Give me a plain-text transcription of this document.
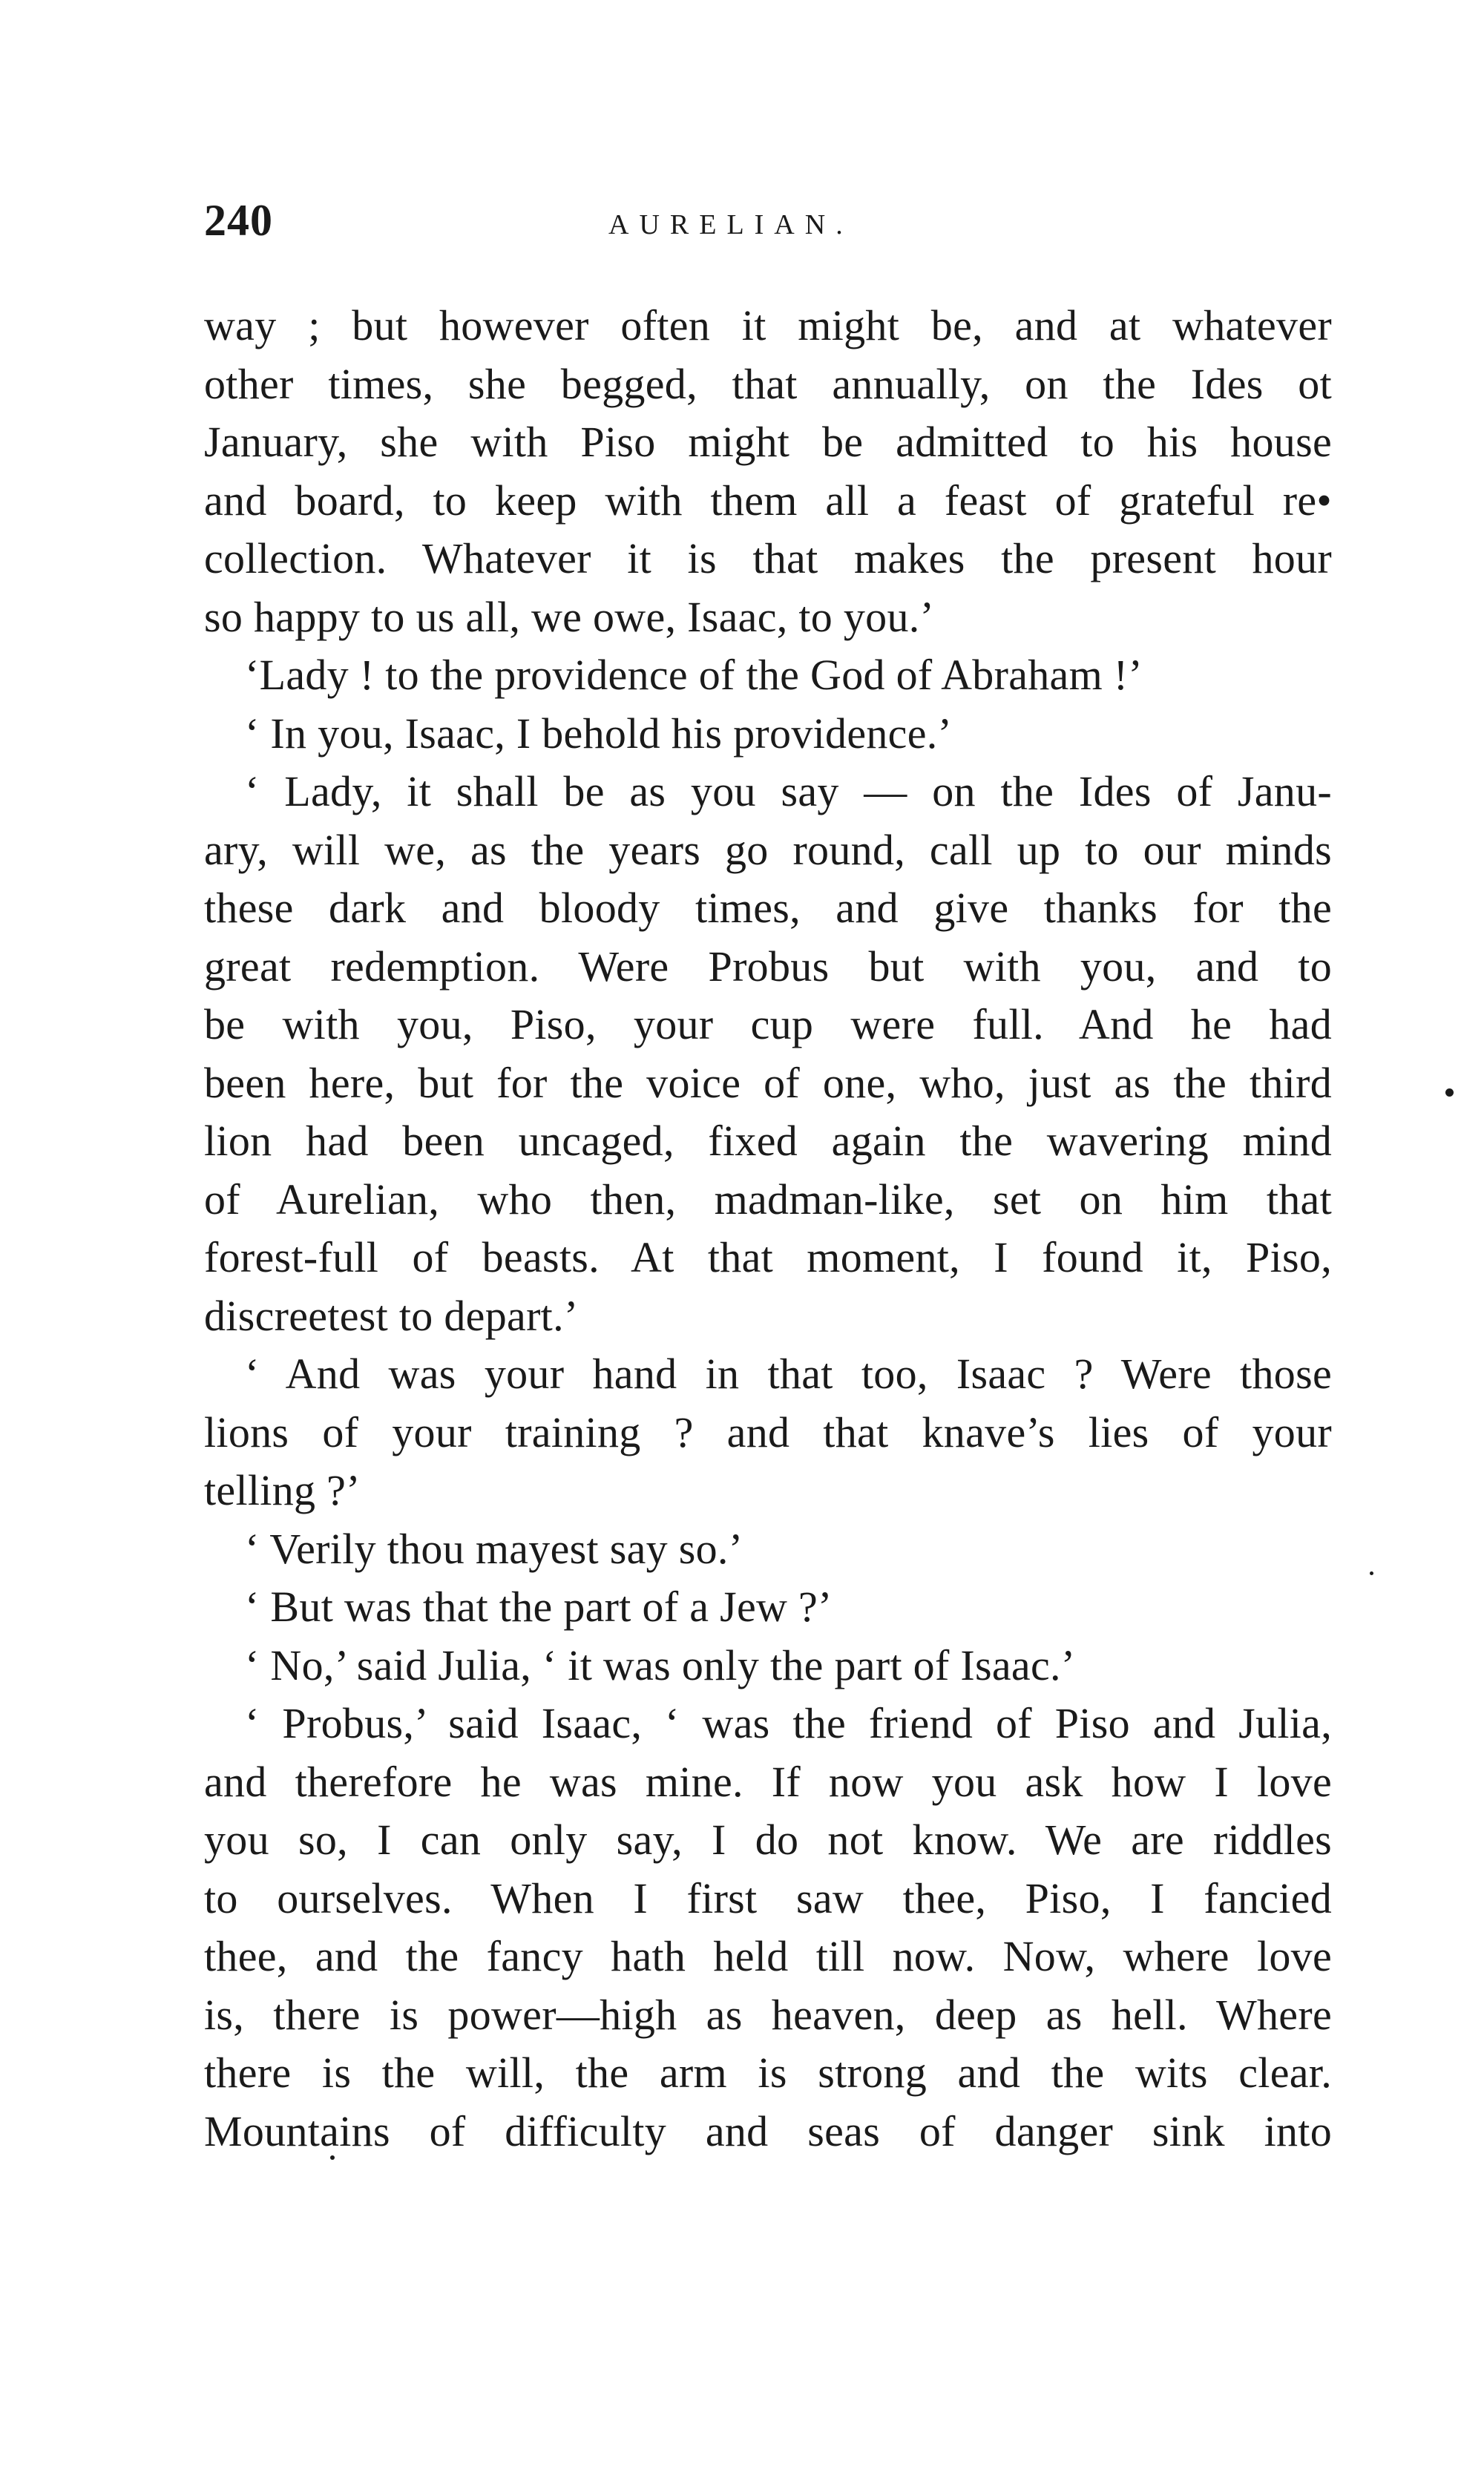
240	AURELIAN.
way ; but however often it might be, and at whatever
other times, she begged, that annually, on the Ides ot
January, she with Piso might be admitted to his house
and board, to keep with them all a feast of grateful re•
collection. Whatever it is that makes the present hour
so happy to us all, we owe, Isaac, to you.’
‘Lady ! to the providence of the God of Abraham !’
‘ In you, Isaac, I behold his providence.’
‘ Lady, it shall be as you say — on the Ides of Janu-
ary, will we, as the years go round, call up to our minds
these dark and bloody times, and give thanks for the
great redemption. Were Probus but with you, and to
be with you, Piso, your cup were full. And he had
been here, but for the voice of one, who, just as the third
lion had been uncaged, fixed again the wavering mind
of Aurelian, who then, madman-like, set on him that
forest-full of beasts. At that moment, I found it, Piso,
discreetest to depart.’
‘ And was your hand in that too, Isaac ? Were those
lions of your training ? and that knave’s lies of your
telling ?’
‘ Verily thou mayest say so.’
‘ But was that the part of a Jew ?’
‘ No,’ said Julia, ‘ it was only the part of Isaac.’
‘ Probus,’ said Isaac, ‘ was the friend of Piso and Julia,
and therefore he was mine. If now you ask how I love
you so, I can only say, I do not know. We are riddles
to ourselves. When I first saw thee, Piso, I fancied
thee, and the fancy hath held till now. Now, where love
is, there is power—high as heaven, deep as hell. Where
there is the will, the arm is strong and the wits clear.
Mountains of difficulty and seas of danger sink into
